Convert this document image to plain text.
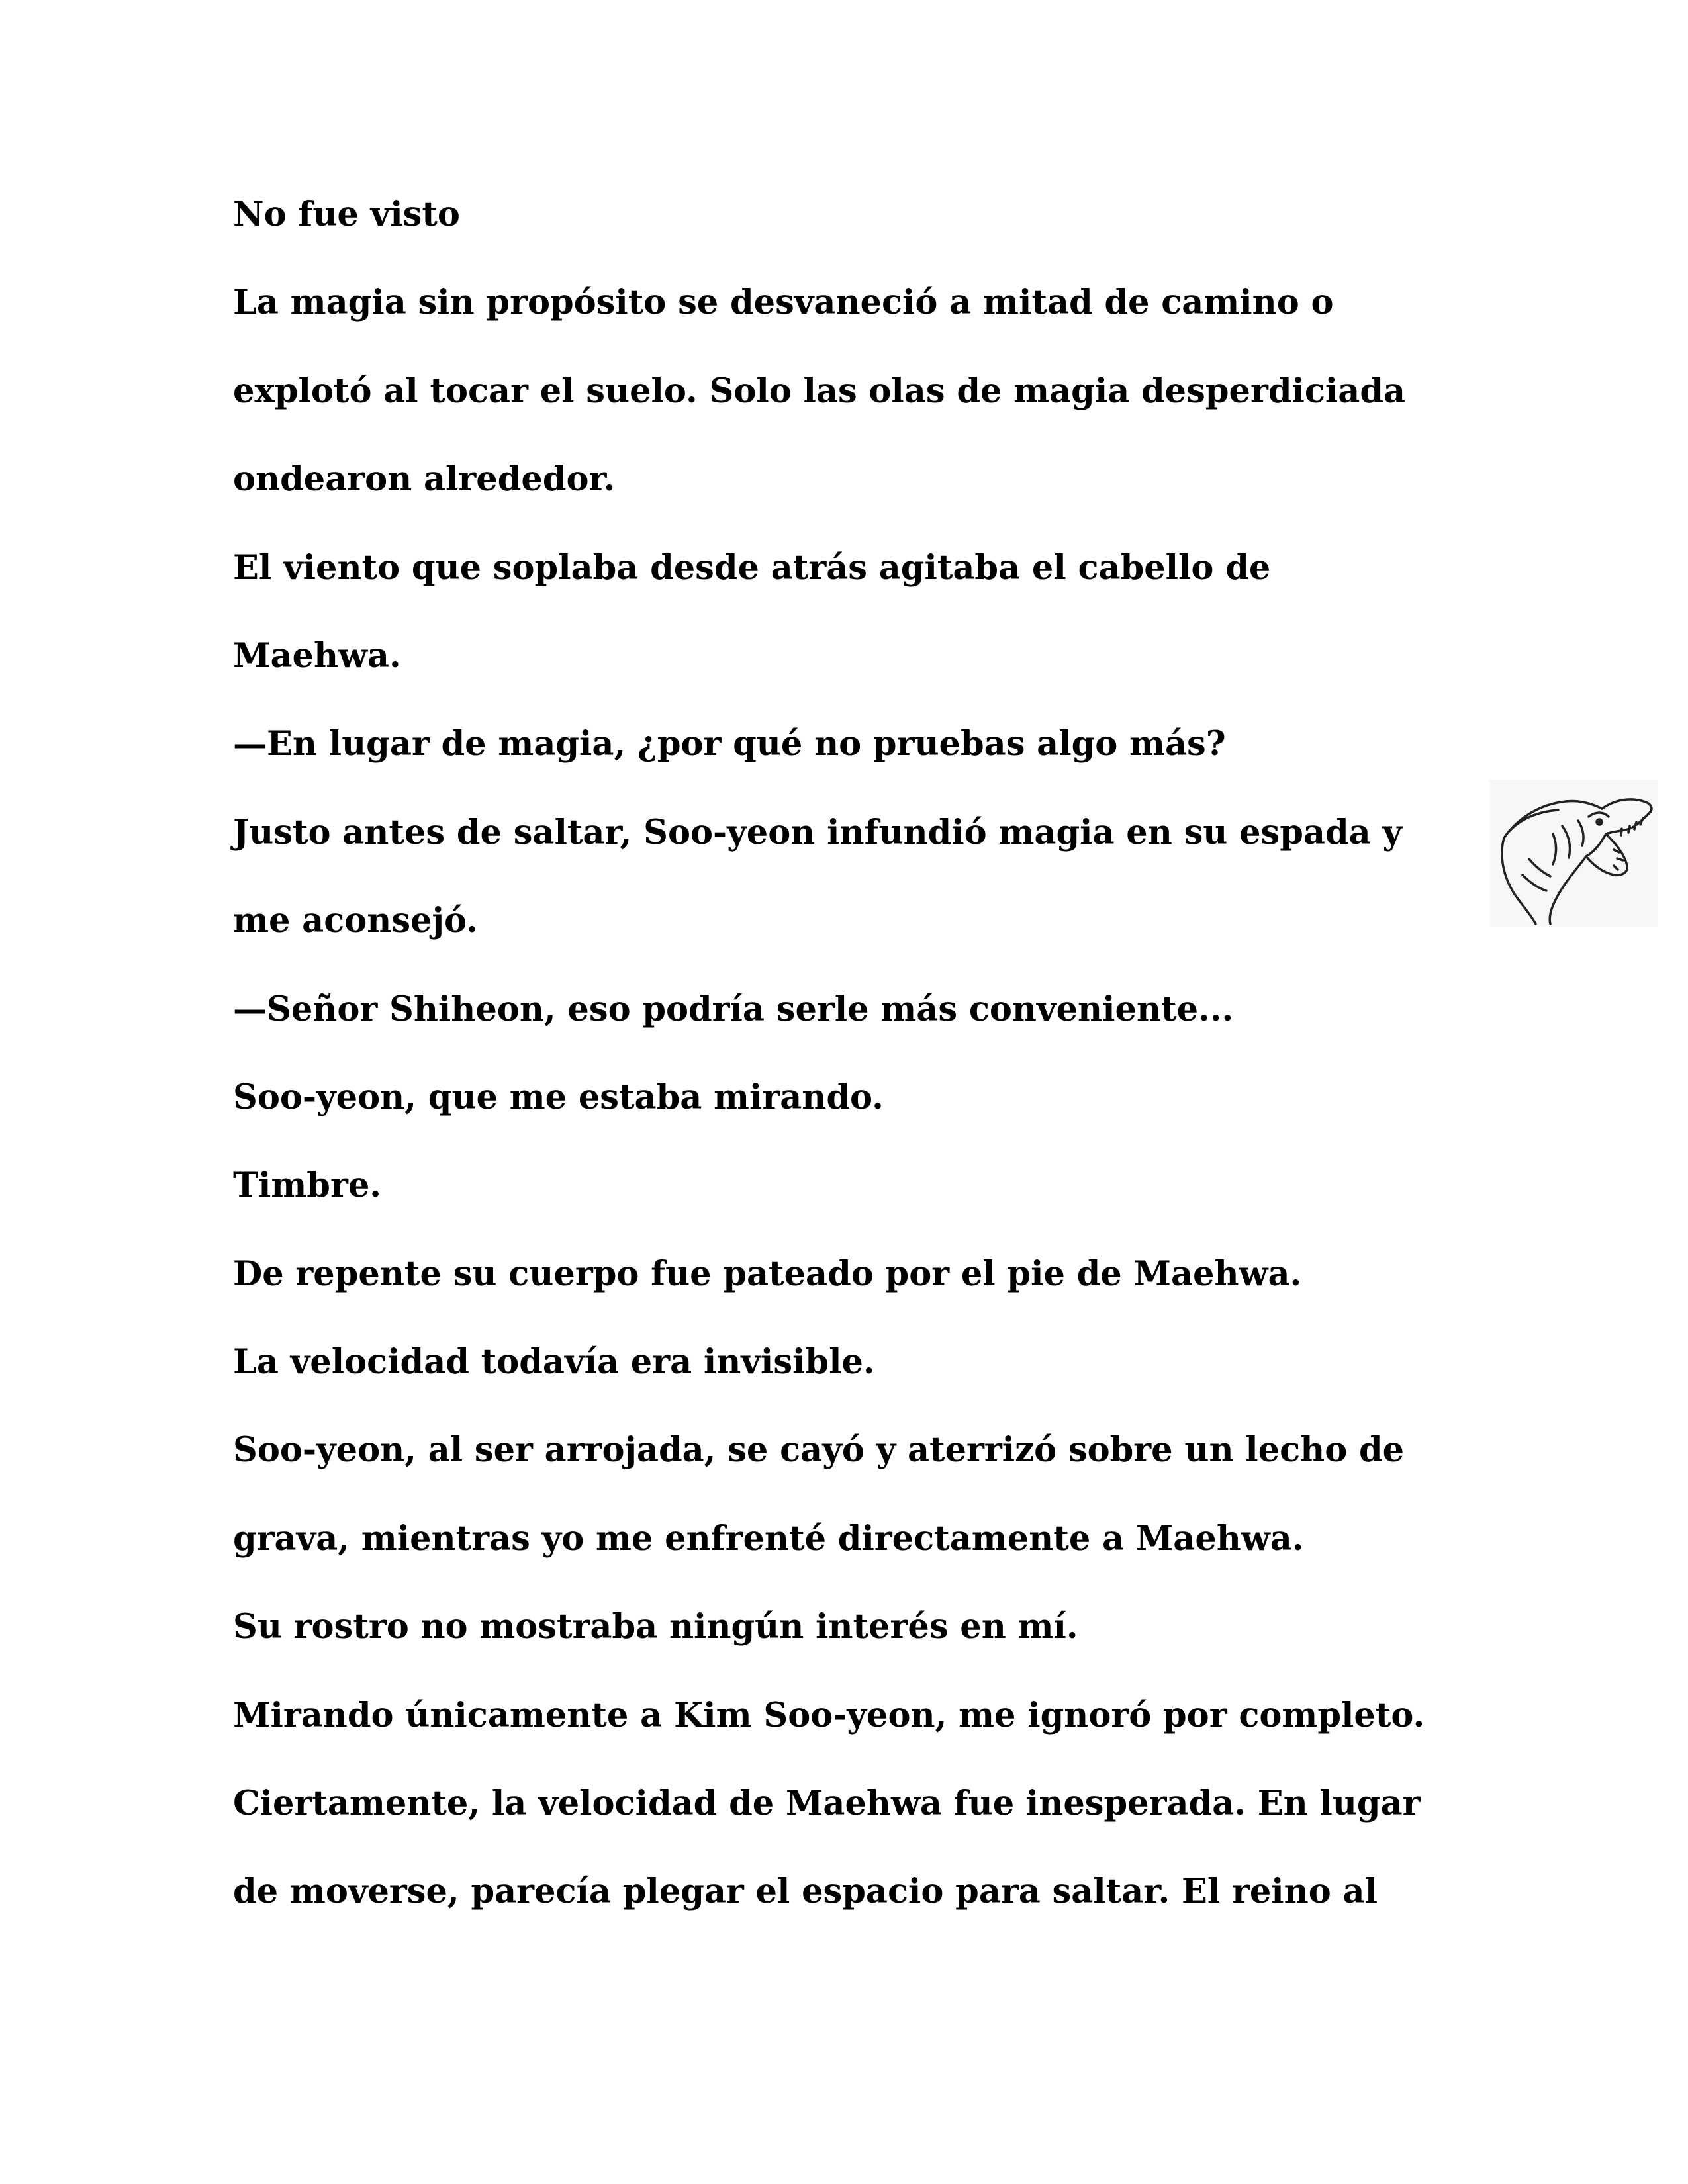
No fue visto
La magia sin propósito se desvaneció a mitad de camino o
explotó al tocar el suelo. Solo las olas de magia desperdiciada
ondearon alrededor.
El viento que soplaba desde atrás agitaba el cabello de
Maehwa.
—En lugar de magia, ¿por qué no pruebas algo más?
Justo antes de saltar, Soo-yeon infundió magia en su espada y
me aconsejó.
—Señor Shiheon, eso podría serle más conveniente...
Soo-yeon, que me estaba mirando.
Timbre.
De repente su cuerpo fue pateado por el pie de Maehwa.
La velocidad todavía era invisible.
Soo-yeon, al ser arrojada, se cayó y aterrizó sobre un lecho de
grava, mientras yo me enfrenté directamente a Maehwa.
Su rostro no mostraba ningún interés en mí.
Mirando únicamente a Kim Soo-yeon, me ignoró por completo.
Ciertamente, la velocidad de Maehwa fue inesperada. En lugar
de moverse, parecía plegar el espacio para saltar. El reino al
